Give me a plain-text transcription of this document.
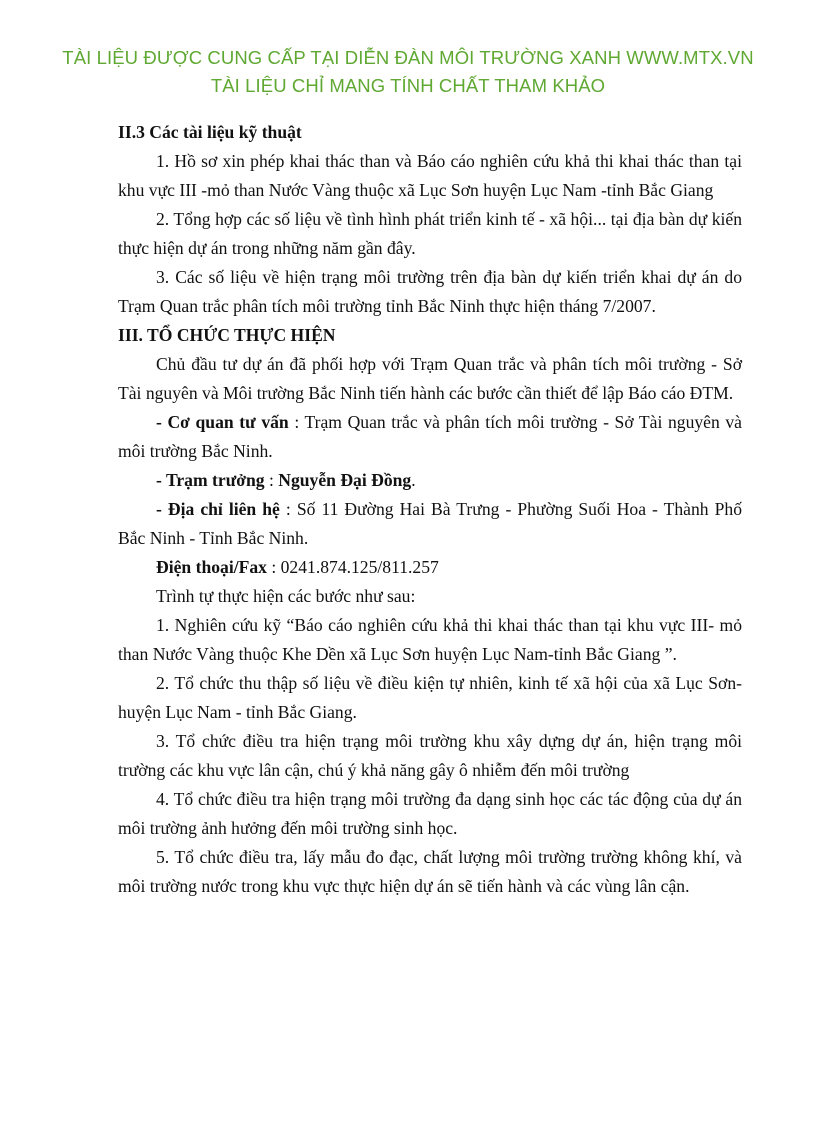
TÀI LIỆU ĐƯỢC CUNG CẤP TẠI DIỄN ĐÀN MÔI TRƯỜNG XANH WWW.MTX.VN
TÀI LIỆU CHỈ MANG TÍNH CHẤT THAM KHẢO
II.3 Các tài liệu kỹ thuật

1. Hồ sơ xin phép khai thác than và Báo cáo nghiên cứu khả thi khai thác than tại khu vực III -mỏ than Nước Vàng thuộc xã Lục Sơn huyện Lục Nam -tỉnh Bắc Giang

2. Tổng hợp các số liệu về tình hình phát triển kinh tế - xã hội... tại địa bàn dự kiến thực hiện dự án trong những năm gần đây.

3. Các số liệu về hiện trạng môi trường trên địa bàn dự kiến triển khai dự án do Trạm Quan trắc phân tích môi trường tỉnh Bắc Ninh thực hiện tháng 7/2007.

III. TỔ CHỨC THỰC HIỆN

Chủ đầu tư dự án đã phối hợp với Trạm Quan trắc và phân tích môi trường - Sở Tài nguyên và Môi trường Bắc Ninh tiến hành các bước cần thiết để lập Báo cáo ĐTM.

- Cơ quan tư vấn : Trạm Quan trắc và phân tích môi trường - Sở Tài nguyên và môi trường Bắc Ninh.

- Trạm trưởng : Nguyễn Đại Đồng.

- Địa chỉ liên hệ : Số 11 Đường Hai Bà Trưng - Phường Suối Hoa - Thành Phố Bắc Ninh - Tỉnh Bắc Ninh.

Điện thoại/Fax : 0241.874.125/811.257

Trình tự thực hiện các bước như sau:

1. Nghiên cứu kỹ “Báo cáo nghiên cứu khả thi khai thác than tại khu vực III- mỏ than Nước Vàng thuộc Khe Dền xã Lục Sơn huyện Lục Nam-tỉnh Bắc Giang ”.

2. Tổ chức thu thập số liệu về điều kiện tự nhiên, kinh tế xã hội của xã Lục Sơn-huyện Lục Nam - tỉnh Bắc Giang.

3. Tổ chức điều tra hiện trạng môi trường khu xây dựng dự án, hiện trạng môi trường các khu vực lân cận, chú ý khả năng gây ô nhiễm đến môi trường

4. Tổ chức điều tra hiện trạng môi trường đa dạng sinh học các tác động của dự án môi trường ảnh hưởng đến môi trường sinh học.

5. Tổ chức điều tra, lấy mẫu đo đạc, chất lượng môi trường trường không khí, và môi trường nước trong khu vực thực hiện dự án sẽ tiến hành và các vùng lân cận.
